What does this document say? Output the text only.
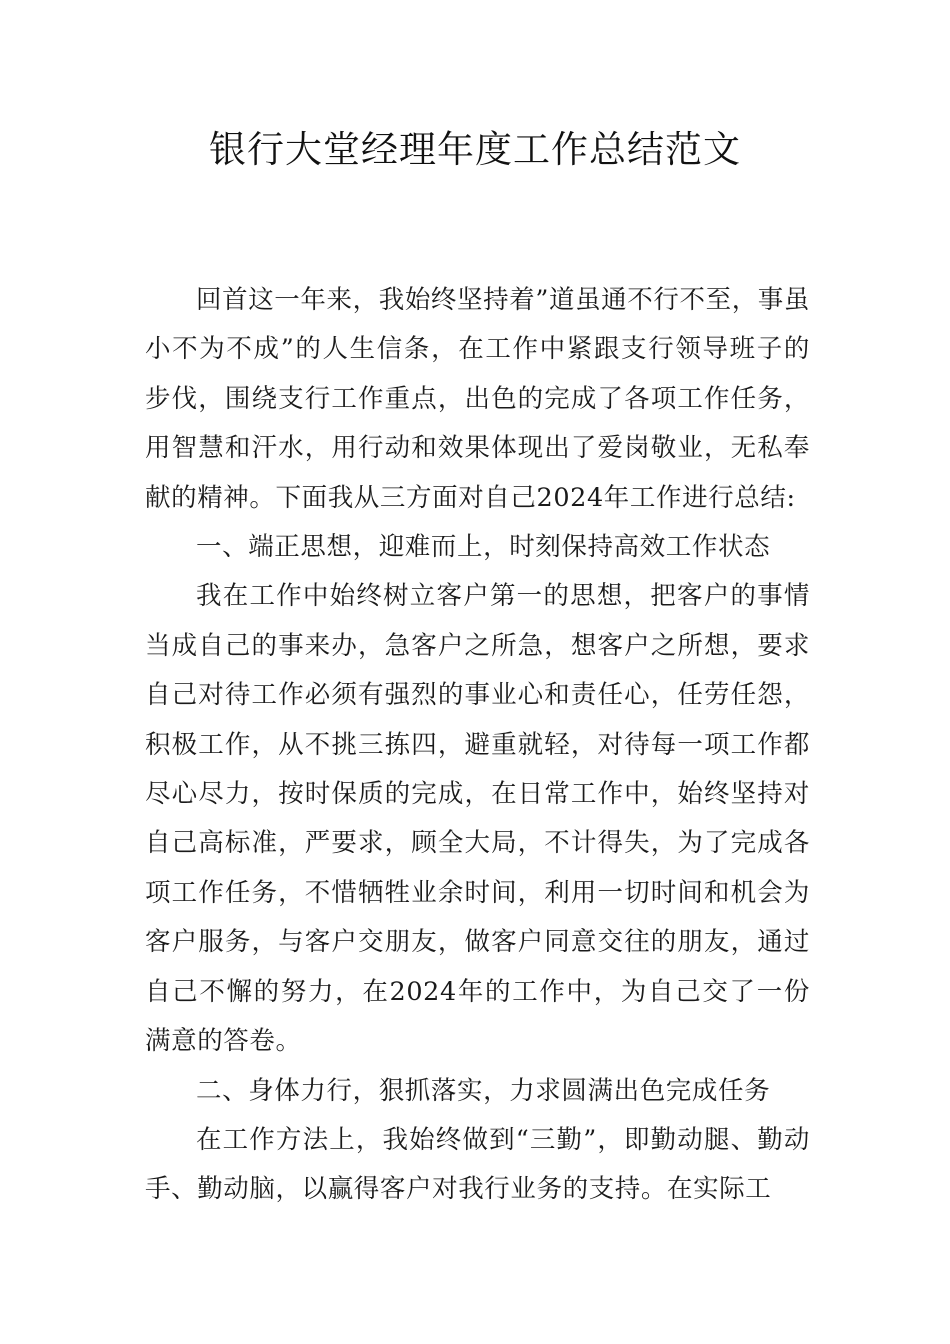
银行大堂经理年度工作总结范文

回首这一年来，我始终坚持着”道虽通不行不至，事虽小不为不成”的人生信条，在工作中紧跟支行领导班子的步伐，围绕支行工作重点，出色的完成了各项工作任务，用智慧和汗水，用行动和效果体现出了爱岗敬业，无私奉献的精神。下面我从三方面对自己2024年工作进行总结:

一、端正思想，迎难而上，时刻保持高效工作状态

我在工作中始终树立客户第一的思想，把客户的事情当成自己的事来办，急客户之所急，想客户之所想，要求自己对待工作必须有强烈的事业心和责任心，任劳任怨，积极工作，从不挑三拣四，避重就轻，对待每一项工作都尽心尽力，按时保质的完成，在日常工作中，始终坚持对自己高标准，严要求，顾全大局，不计得失，为了完成各项工作任务，不惜牺牲业余时间，利用一切时间和机会为客户服务，与客户交朋友，做客户同意交往的朋友，通过自己不懈的努力，在2024年的工作中，为自己交了一份满意的答卷。

二、身体力行，狠抓落实，力求圆满出色完成任务

在工作方法上，我始终做到“三勤”，即勤动腿、勤动手、勤动脑，以赢得客户对我行业务的支持。在实际工
